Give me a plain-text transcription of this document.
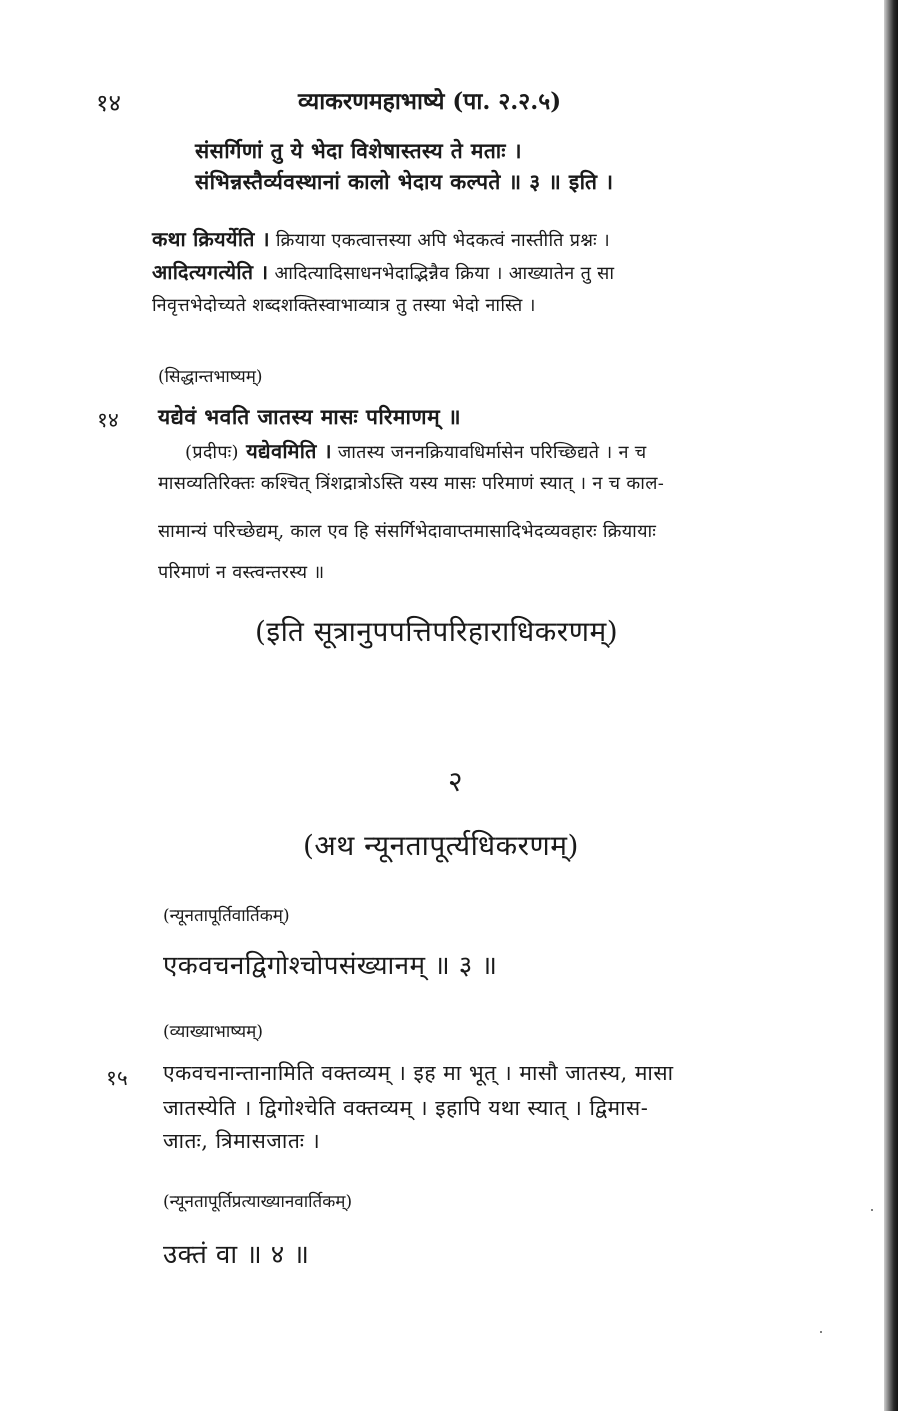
१४	व्याकरणमहाभाष्ये (पा. २.२.५)
संसर्गिणां तु ये भेदा विशेषास्तस्य ते मताः ।
संभिन्नस्तैर्व्यवस्थानां कालो भेदाय कल्पते ॥ ३ ॥ इति ।
कथा क्रियर्येति । क्रियाया एकत्वात्तस्या अपि भेदकत्वं नास्तीति प्रश्नः ।
आदित्यगत्येति । आदित्यादिसाधनभेदाद्भिन्नैव क्रिया । आख्यातेन तु सा
निवृत्तभेदोच्यते शब्दशक्तिस्वाभाव्यात्र तु तस्या भेदो नास्ति ।
(सिद्धान्तभाष्यम्)
१४ यद्येवं भवति जातस्य मासः परिमाणम् ॥
(प्रदीपः) यद्येवमिति । जातस्य जननक्रियावधिर्मासेन परिच्छिद्यते । न च
मासव्यतिरिक्तः कश्चित् त्रिंशद्रात्रोऽस्ति यस्य मासः परिमाणं स्यात् । न च काल-
सामान्यं परिच्छेद्यम्, काल एव हि संसर्गिभेदावाप्तमासादिभेदव्यवहारः क्रियायाः
परिमाणं न वस्त्वन्तरस्य ॥
(इति सूत्रानुपपत्तिपरिहाराधिकरणम्)
२
(अथ न्यूनतापूर्त्यधिकरणम्)
(न्यूनतापूर्तिवार्तिकम्)
एकवचनद्विगोश्चोपसंख्यानम् ॥ ३ ॥
(व्याख्याभाष्यम्)
१५ एकवचनान्तानामिति वक्तव्यम् । इह मा भूत् । मासौ जातस्य, मासा
जातस्येति । द्विगोश्चेति वक्तव्यम् । इहापि यथा स्यात् । द्विमास-
जातः, त्रिमासजातः ।
(न्यूनतापूर्तिप्रत्याख्यानवार्तिकम्)
उक्तं वा ॥ ४ ॥
